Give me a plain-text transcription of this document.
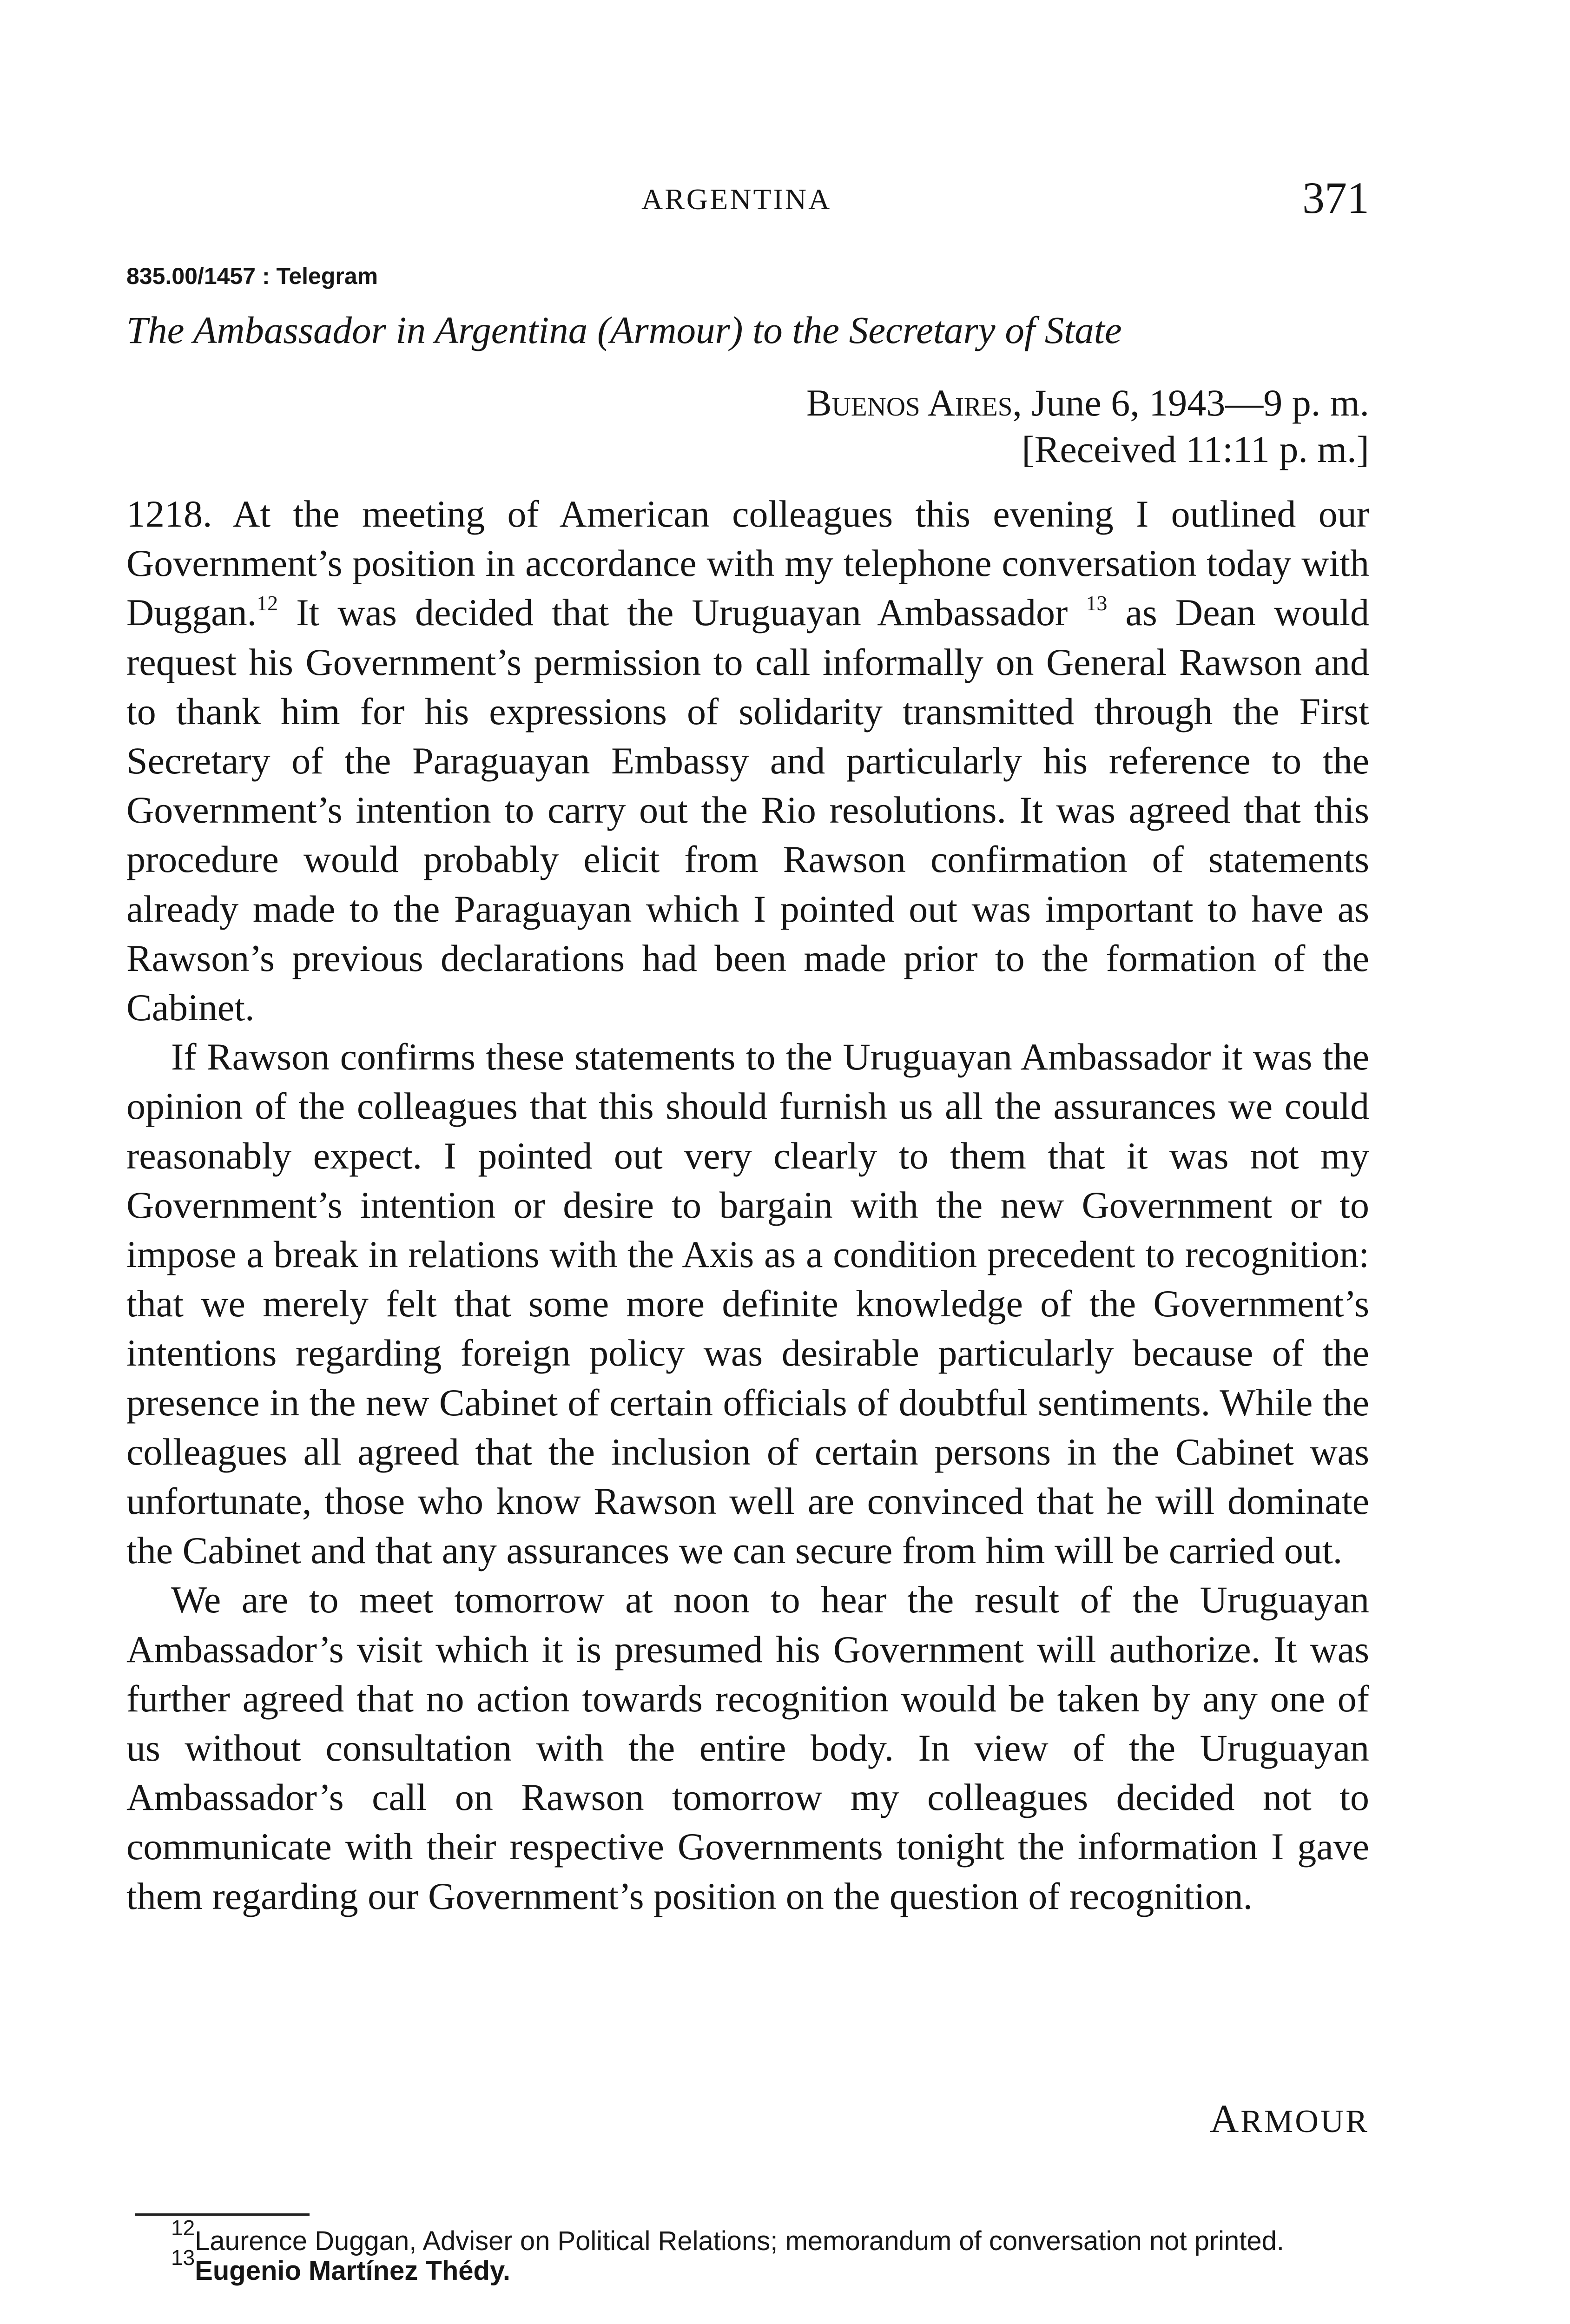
ARGENTINA	371
835.00/1457 : Telegram
The Ambassador in Argentina (Armour) to the Secretary of State
Buenos Aires, June 6, 1943—9 p. m.
[Received 11:11 p. m.]

1218. At the meeting of American colleagues this evening I outlined our Government’s position in accordance with my telephone conversation today with Duggan.$^{12}$ It was decided that the Uruguayan Ambassador $^{13}$ as Dean would request his Government’s permission to call informally on General Rawson and to thank him for his expressions of solidarity transmitted through the First Secretary of the Paraguayan Embassy and particularly his reference to the Government’s intention to carry out the Rio resolutions. It was agreed that this procedure would probably elicit from Rawson confirmation of statements already made to the Paraguayan which I pointed out was important to have as Rawson’s previous declarations had been made prior to the formation of the Cabinet.

If Rawson confirms these statements to the Uruguayan Ambassador it was the opinion of the colleagues that this should furnish us all the assurances we could reasonably expect. I pointed out very clearly to them that it was not my Government’s intention or desire to bargain with the new Government or to impose a break in relations with the Axis as a condition precedent to recognition: that we merely felt that some more definite knowledge of the Government’s intentions regarding foreign policy was desirable particularly because of the presence in the new Cabinet of certain officials of doubtful sentiments. While the colleagues all agreed that the inclusion of certain persons in the Cabinet was unfortunate, those who know Rawson well are convinced that he will dominate the Cabinet and that any assurances we can secure from him will be carried out.

We are to meet tomorrow at noon to hear the result of the Uruguayan Ambassador’s visit which it is presumed his Government will authorize. It was further agreed that no action towards recognition would be taken by any one of us without consultation with the entire body. In view of the Uruguayan Ambassador’s call on Rawson tomorrow my colleagues decided not to communicate with their respective Governments tonight the information I gave them regarding our Government’s position on the question of recognition.

ARMOUR

$^{12}$Laurence Duggan, Adviser on Political Relations; memorandum of conversation not printed.

$^{13}$Eugenio Martínez Thédy.
